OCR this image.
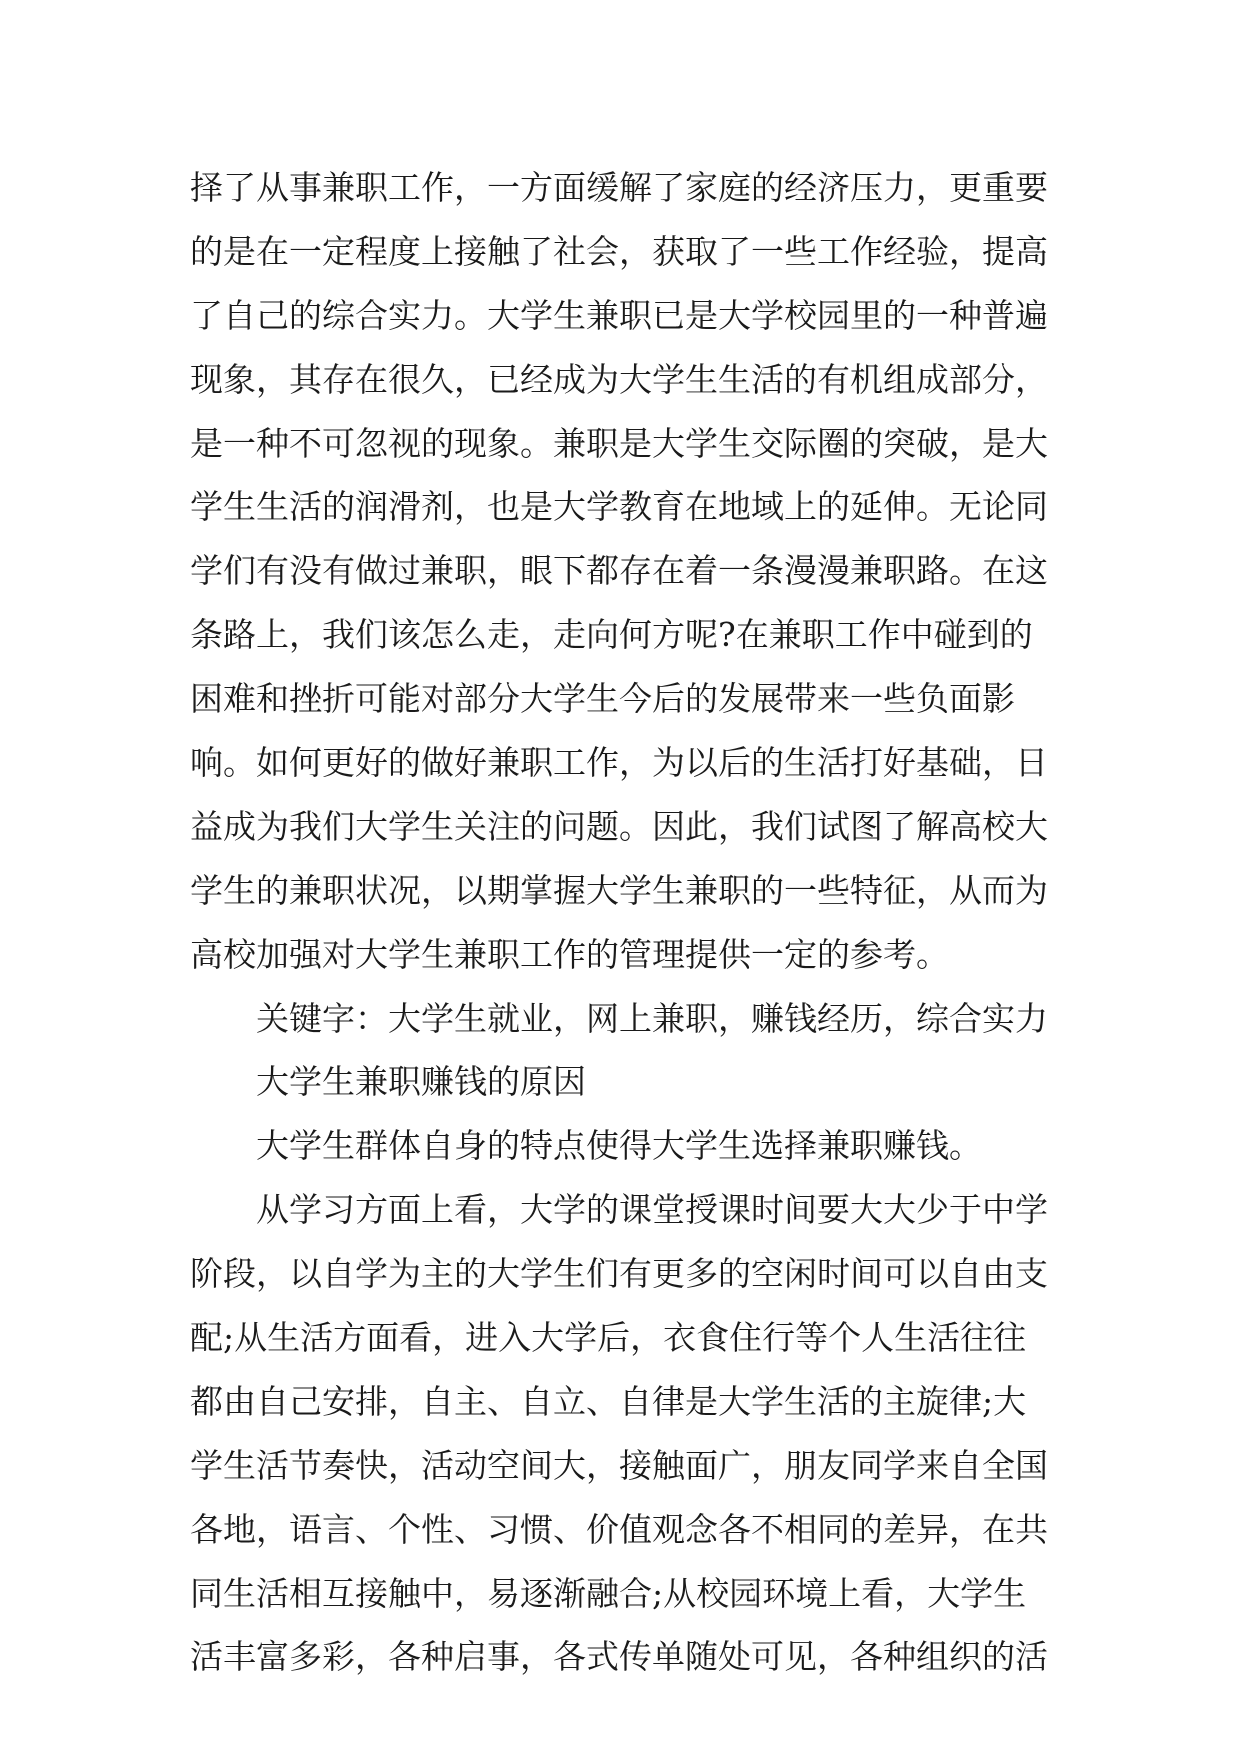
择了从事兼职工作，一方面缓解了家庭的经济压力，更重要
的是在一定程度上接触了社会，获取了一些工作经验，提高
了自己的综合实力。大学生兼职已是大学校园里的一种普遍
现象，其存在很久，已经成为大学生生活的有机组成部分，
是一种不可忽视的现象。兼职是大学生交际圈的突破，是大
学生生活的润滑剂，也是大学教育在地域上的延伸。无论同
学们有没有做过兼职，眼下都存在着一条漫漫兼职路。在这
条路上，我们该怎么走，走向何方呢?在兼职工作中碰到的
困难和挫折可能对部分大学生今后的发展带来一些负面影
响。如何更好的做好兼职工作，为以后的生活打好基础，日
益成为我们大学生关注的问题。因此，我们试图了解高校大
学生的兼职状况，以期掌握大学生兼职的一些特征，从而为
高校加强对大学生兼职工作的管理提供一定的参考。
关键字：大学生就业，网上兼职，赚钱经历，综合实力
大学生兼职赚钱的原因
大学生群体自身的特点使得大学生选择兼职赚钱。
从学习方面上看，大学的课堂授课时间要大大少于中学
阶段，以自学为主的大学生们有更多的空闲时间可以自由支
配;从生活方面看，进入大学后，衣食住行等个人生活往往
都由自己安排，自主、自立、自律是大学生活的主旋律;大
学生活节奏快，活动空间大，接触面广，朋友同学来自全国
各地，语言、个性、习惯、价值观念各不相同的差异，在共
同生活相互接触中，易逐渐融合;从校园环境上看，大学生
活丰富多彩，各种启事，各式传单随处可见，各种组织的活
